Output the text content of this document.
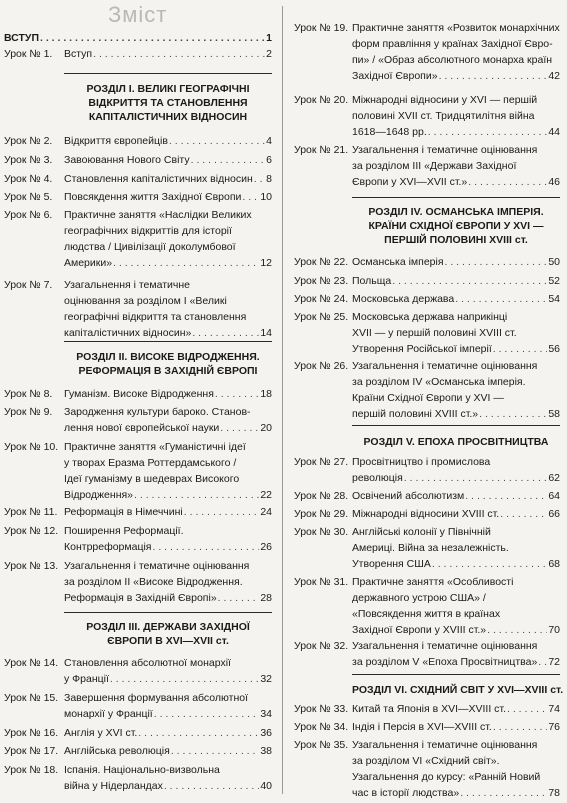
Зміст
ВСТУП . . .	1
Урок № 1. Вступ . . .	2
РОЗДІЛ І. ВЕЛИКІ ГЕОГРАФІЧНІ
ВІДКРИТТЯ ТА СТАНОВЛЕННЯ
КАПІТАЛІСТИЧНИХ ВІДНОСИН
Урок № 2. Відкриття європейців . . .	4
Урок № 3. Завоювання Нового Світу . . .	6
Урок № 4. Становлення капіталістичних відносин . . . 8
Урок № 5. Повсякдення життя Західної Європи . . . 10
Урок № 6. Практичне заняття «Наслідки Великих
географічних відкриттів для історії
людства / Цивілізації доколумбової
Америки» . . .	12
Урок № 7. Узагальнення і тематичне
оцінювання за розділом І «Великі
географічні відкриття та становлення
капіталістичних відносин» . . .	14
РОЗДІЛ ІІ. ВИСОКЕ ВІДРОДЖЕННЯ.
РЕФОРМАЦІЯ В ЗАХІДНІЙ ЄВРОПІ
Урок № 8. Гуманізм. Високе Відродження . . .	18
Урок № 9. Зародження культури бароко. Станов-
лення нової європейської науки . . .	20
Урок № 10. Практичне заняття «Гуманістичні ідеї
у творах Еразма Роттердамського /
Ідеї гуманізму в шедеврах Високого
Відродження» . . .	22
Урок № 11. Реформація в Німеччині . . .	24
Урок № 12. Поширення Реформації.
Контрреформація . . .	26
Урок № 13. Узагальнення і тематичне оцінювання
за розділом ІІ «Високе Відродження.
Реформація в Західній Європі» . . .	28
РОЗДІЛ ІІІ. ДЕРЖАВИ ЗАХІДНОЇ
ЄВРОПИ В XVI—XVII ст.
Урок № 14. Становлення абсолютної монархії
у Франції . . .	32
Урок № 15. Завершення формування абсолютної
монархії у Франції . . .	34
Урок № 16. Англія у XVI ст. . . .	36
Урок № 17. Англійська революція . . .	38
Урок № 18. Іспанія. Національно-визвольна
війна у Нідерландах . . .	40
Урок № 19. Практичне заняття «Розвиток монархічних
форм правління у країнах Західної Євро-
пи» / «Образ абсолютного монарха країн
Західної Європи» . . .	42
Урок № 20. Міжнародні відносини у XVI — першій
половині XVII ст. Тридцятилітня війна
1618—1648 рр. . . .	44
Урок № 21. Узагальнення і тематичне оцінювання
за розділом ІІІ «Держави Західної
Європи у XVI—XVII ст.» . . .	46
РОЗДІЛ IV. ОСМАНСЬКА ІМПЕРІЯ.
КРАЇНИ СХІДНОЇ ЄВРОПИ У XVI —
ПЕРШІЙ ПОЛОВИНІ XVIII ст.
Урок № 22. Османська імперія . . .	50
Урок № 23. Польща . . .	52
Урок № 24. Московська держава . . .	54
Урок № 25. Московська держава наприкінці
XVII — у першій половині XVIII ст.
Утворення Російської імперії . . .	56
Урок № 26. Узагальнення і тематичне оцінювання
за розділом IV «Османська імперія.
Країни Східної Європи у XVI —
першій половині XVIII ст.» . . .	58
РОЗДІЛ V. ЕПОХА ПРОСВІТНИЦТВА
Урок № 27. Просвітництво і промислова
революція . . .	62
Урок № 28. Освічений абсолютизм . . .	64
Урок № 29. Міжнародні відносини XVIII ст. . . .	66
Урок № 30. Англійські колонії у Північній
Америці. Війна за незалежність.
Утворення США . . .	68
Урок № 31. Практичне заняття «Особливості
державного устрою США» /
«Повсякдення життя в країнах
Західної Європи у XVIII ст.» . . .	70
Урок № 32. Узагальнення і тематичне оцінювання
за розділом V «Епоха Просвітництва» . . . 72
РОЗДІЛ VI. СХІДНИЙ СВІТ У XVI—XVIII ст.
Урок № 33. Китай та Японія в XVI—XVIII ст. . . .	74
Урок № 34. Індія і Персія в XVI—XVIII ст. . . .	76
Урок № 35. Узагальнення і тематичне оцінювання
за розділом VI «Східний світ».
Узагальнення до курсу: «Ранній Новий
час в історії людства» . . .	78
